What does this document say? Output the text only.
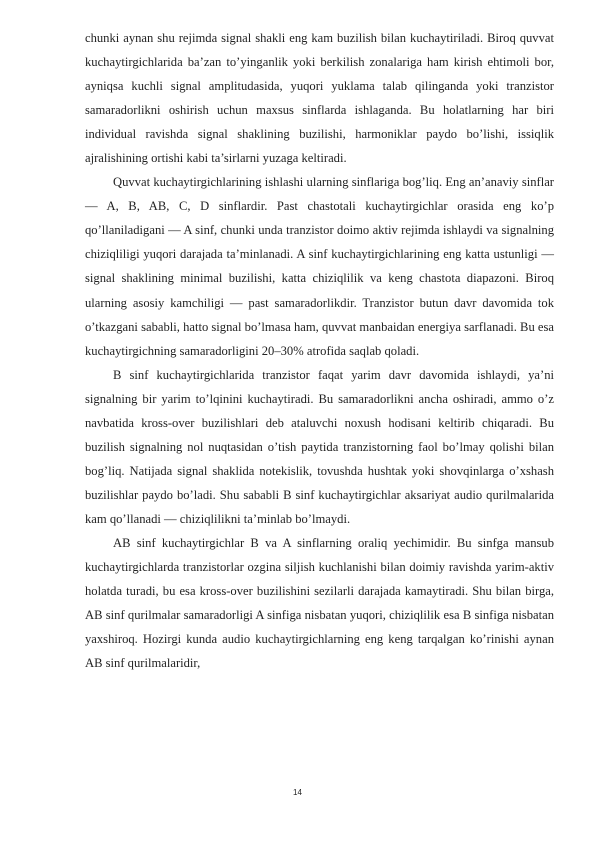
chunki aynan shu rejimda signal shakli eng kam buzilish bilan kuchaytiriladi. Biroq quvvat kuchaytirgichlarida ba’zan to’yinganlik yoki berkilish zonalariga ham kirish ehtimoli bor, ayniqsa kuchli signal amplitudasida, yuqori yuklama talab qilinganda yoki tranzistor samaradorlikni oshirish uchun maxsus sinflarda ishlaganda. Bu holatlarning har biri individual ravishda signal shaklining buzilishi, harmoniklar paydo bo’lishi, issiqlik ajralishining ortishi kabi ta’sirlarni yuzaga keltiradi.

Quvvat kuchaytirgichlarining ishlashi ularning sinflariga bog’liq. Eng an’anaviy sinflar — A, B, AB, C, D sinflardir. Past chastotali kuchaytirgichlar orasida eng ko’p qo’llaniladigani — A sinf, chunki unda tranzistor doimo aktiv rejimda ishlaydi va signalning chiziqliligi yuqori darajada ta’minlanadi. A sinf kuchaytirgichlarining eng katta ustunligi — signal shaklining minimal buzilishi, katta chiziqlilik va keng chastota diapazoni. Biroq ularning asosiy kamchiligi — past samaradorlikdir. Tranzistor butun davr davomida tok o’tkazgani sababli, hatto signal bo’lmasa ham, quvvat manbaidan energiya sarflanadi. Bu esa kuchaytirgichning samaradorligini 20–30% atrofida saqlab qoladi.

B sinf kuchaytirgichlarida tranzistor faqat yarim davr davomida ishlaydi, ya’ni signalning bir yarim to’lqinini kuchaytiradi. Bu samaradorlikni ancha oshiradi, ammo o’z navbatida kross-over buzilishlari deb ataluvchi noxush hodisani keltirib chiqaradi. Bu buzilish signalning nol nuqtasidan o’tish paytida tranzistorning faol bo’lmay qolishi bilan bog’liq. Natijada signal shaklida notekislik, tovushda hushtak yoki shovqinlarga o’xshash buzilishlar paydo bo’ladi. Shu sababli B sinf kuchaytirgichlar aksariyat audio qurilmalarida kam qo’llanadi — chiziqlilikni ta’minlab bo’lmaydi.

AB sinf kuchaytirgichlar B va A sinflarning oraliq yechimidir. Bu sinfga mansub kuchaytirgichlarda tranzistorlar ozgina siljish kuchlanishi bilan doimiy ravishda yarim-aktiv holatda turadi, bu esa kross-over buzilishini sezilarli darajada kamaytiradi. Shu bilan birga, AB sinf qurilmalar samaradorligi A sinfiga nisbatan yuqori, chiziqlilik esa B sinfiga nisbatan yaxshiroq. Hozirgi kunda audio kuchaytirgichlarning eng keng tarqalgan ko’rinishi aynan AB sinf qurilmalaridir,

14
